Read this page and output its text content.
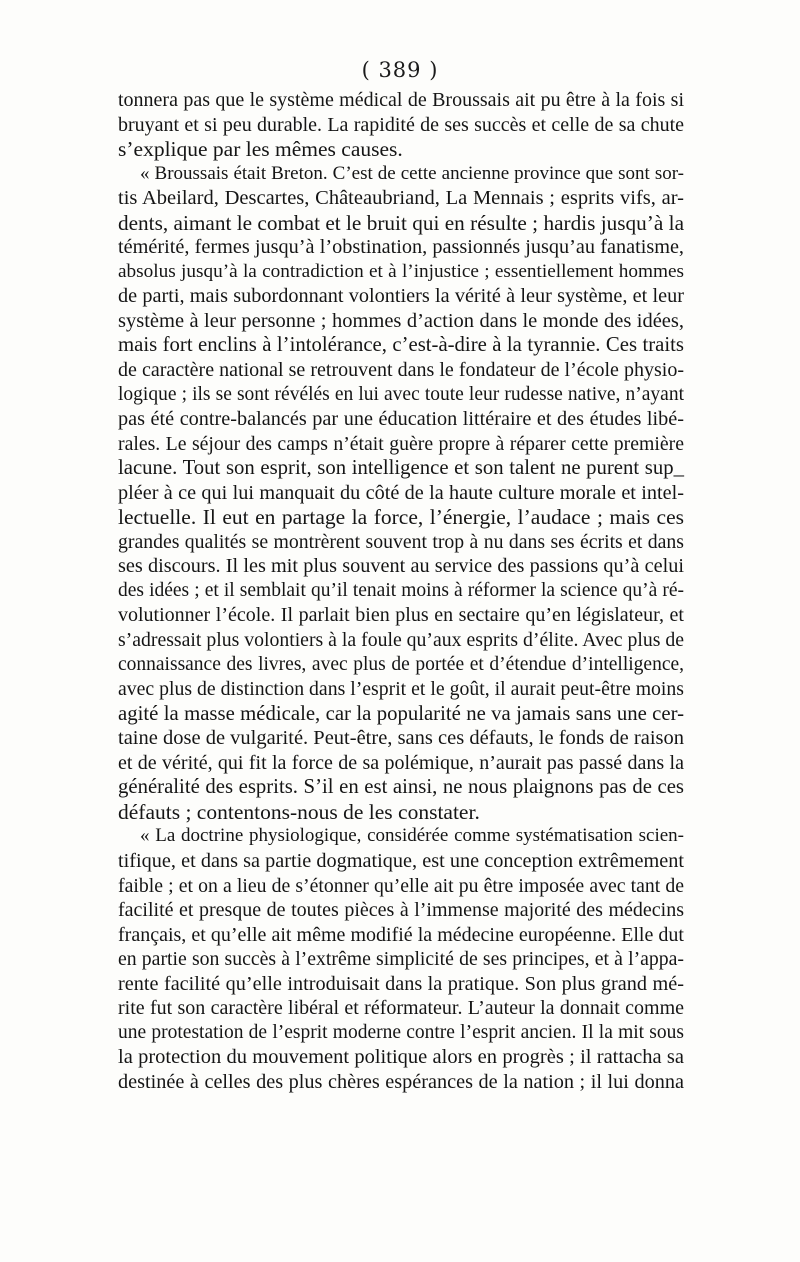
( 389 )
tonnera pas que le système médical de Broussais ait pu être à la fois si
bruyant et si peu durable. La rapidité de ses succès et celle de sa chute
s’explique par les mêmes causes.
« Broussais était Breton. C’est de cette ancienne province que sont sor-
tis Abeilard, Descartes, Châteaubriand, La Mennais ; esprits vifs, ar-
dents, aimant le combat et le bruit qui en résulte ; hardis jusqu’à la
témérité, fermes jusqu’à l’obstination, passionnés jusqu’au fanatisme,
absolus jusqu’à la contradiction et à l’injustice ; essentiellement hommes
de parti, mais subordonnant volontiers la vérité à leur système, et leur
système à leur personne ; hommes d’action dans le monde des idées,
mais fort enclins à l’intolérance, c’est-à-dire à la tyrannie. Ces traits
de caractère national se retrouvent dans le fondateur de l’école physio-
logique ; ils se sont révélés en lui avec toute leur rudesse native, n’ayant
pas été contre-balancés par une éducation littéraire et des études libé-
rales. Le séjour des camps n’était guère propre à réparer cette première
lacune. Tout son esprit, son intelligence et son talent ne purent sup_
pléer à ce qui lui manquait du côté de la haute culture morale et intel-
lectuelle. Il eut en partage la force, l’énergie, l’audace ; mais ces
grandes qualités se montrèrent souvent trop à nu dans ses écrits et dans
ses discours. Il les mit plus souvent au service des passions qu’à celui
des idées ; et il semblait qu’il tenait moins à réformer la science qu’à ré-
volutionner l’école. Il parlait bien plus en sectaire qu’en législateur, et
s’adressait plus volontiers à la foule qu’aux esprits d’élite. Avec plus de
connaissance des livres, avec plus de portée et d’étendue d’intelligence,
avec plus de distinction dans l’esprit et le goût, il aurait peut-être moins
agité la masse médicale, car la popularité ne va jamais sans une cer-
taine dose de vulgarité. Peut-être, sans ces défauts, le fonds de raison
et de vérité, qui fit la force de sa polémique, n’aurait pas passé dans la
généralité des esprits. S’il en est ainsi, ne nous plaignons pas de ces
défauts ; contentons-nous de les constater.
« La doctrine physiologique, considérée comme systématisation scien-
tifique, et dans sa partie dogmatique, est une conception extrêmement
faible ; et on a lieu de s’étonner qu’elle ait pu être imposée avec tant de
facilité et presque de toutes pièces à l’immense majorité des médecins
français, et qu’elle ait même modifié la médecine européenne. Elle dut
en partie son succès à l’extrême simplicité de ses principes, et à l’appa-
rente facilité qu’elle introduisait dans la pratique. Son plus grand mé-
rite fut son caractère libéral et réformateur. L’auteur la donnait comme
une protestation de l’esprit moderne contre l’esprit ancien. Il la mit sous
la protection du mouvement politique alors en progrès ; il rattacha sa
destinée à celles des plus chères espérances de la nation ; il lui donna
